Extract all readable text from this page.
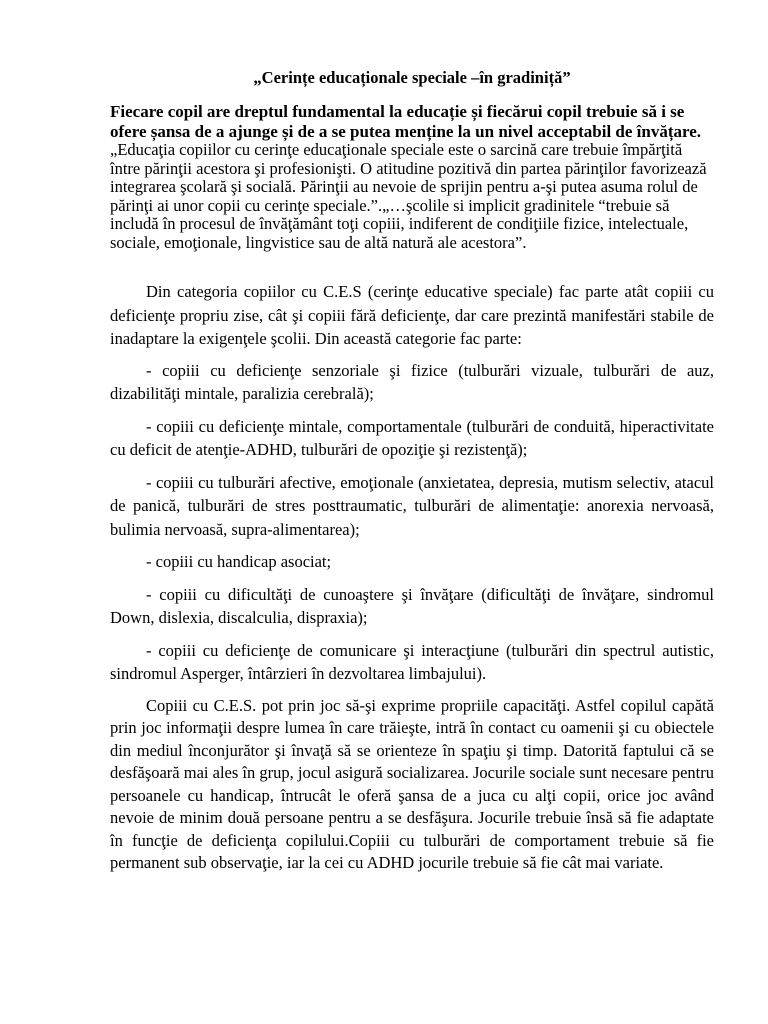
„Cerințe educaționale speciale –în gradiniță”

Fiecare copil are dreptul fundamental la educație și fiecărui copil trebuie să i se ofere șansa de a ajunge și de a se putea menține la un nivel acceptabil de învățare.

„Educaţia copiilor cu cerinţe educaţionale speciale este o sarcină care trebuie împărţită între părinţii acestora şi profesionişti. O atitudine pozitivă din partea părinţilor favorizează integrarea şcolară şi socială. Părinţii au nevoie de sprijin pentru a-şi putea asuma rolul de părinţi ai unor copii cu cerinţe speciale.”.„…şcolile si implicit gradinitele “trebuie să includă în procesul de învăţământ toţi copiii, indiferent de condiţiile fizice, intelectuale, sociale, emoţionale, lingvistice sau de altă natură ale acestora”.

Din categoria copiilor cu C.E.S (cerinţe educative speciale) fac parte atât copiii cu deficienţe propriu zise, cât şi copiii fără deficienţe, dar care prezintă manifestări stabile de inadaptare la exigenţele şcolii. Din această categorie fac parte:

- copiii cu deficienţe senzoriale şi fizice (tulburări vizuale, tulburări de auz, dizabilităţi mintale, paralizia cerebrală);

- copiii cu deficienţe mintale, comportamentale (tulburări de conduită, hiperactivitate cu deficit de atenţie-ADHD, tulburări de opoziţie şi rezistenţă);

- copiii cu tulburări afective, emoţionale (anxietatea, depresia, mutism selectiv, atacul de panică, tulburări de stres posttraumatic, tulburări de alimentaţie: anorexia nervoasă, bulimia nervoasă, supra-alimentarea);

- copiii cu handicap asociat;

- copiii cu dificultăţi de cunoaştere şi învăţare (dificultăţi de învăţare, sindromul Down, dislexia, discalculia, dispraxia);

- copiii cu deficienţe de comunicare şi interacţiune (tulburări din spectrul autistic, sindromul Asperger, întârzieri în dezvoltarea limbajului).

Copiii cu C.E.S. pot prin joc să-şi exprime propriile capacităţi. Astfel copilul capătă prin joc informaţii despre lumea în care trăieşte, intră în contact cu oamenii şi cu obiectele din mediul înconjurător şi învaţă să se orienteze în spaţiu şi timp. Datorită faptului că se desfăşoară mai ales în grup, jocul asigură socializarea. Jocurile sociale sunt necesare pentru persoanele cu handicap, întrucât le oferă şansa de a juca cu alţi copii, orice joc având nevoie de minim două persoane pentru a se desfăşura. Jocurile trebuie însă să fie adaptate în funcţie de deficienţa copilului.Copiii cu tulburări de comportament trebuie să fie permanent sub observaţie, iar la cei cu ADHD jocurile trebuie să fie cât mai variate.
